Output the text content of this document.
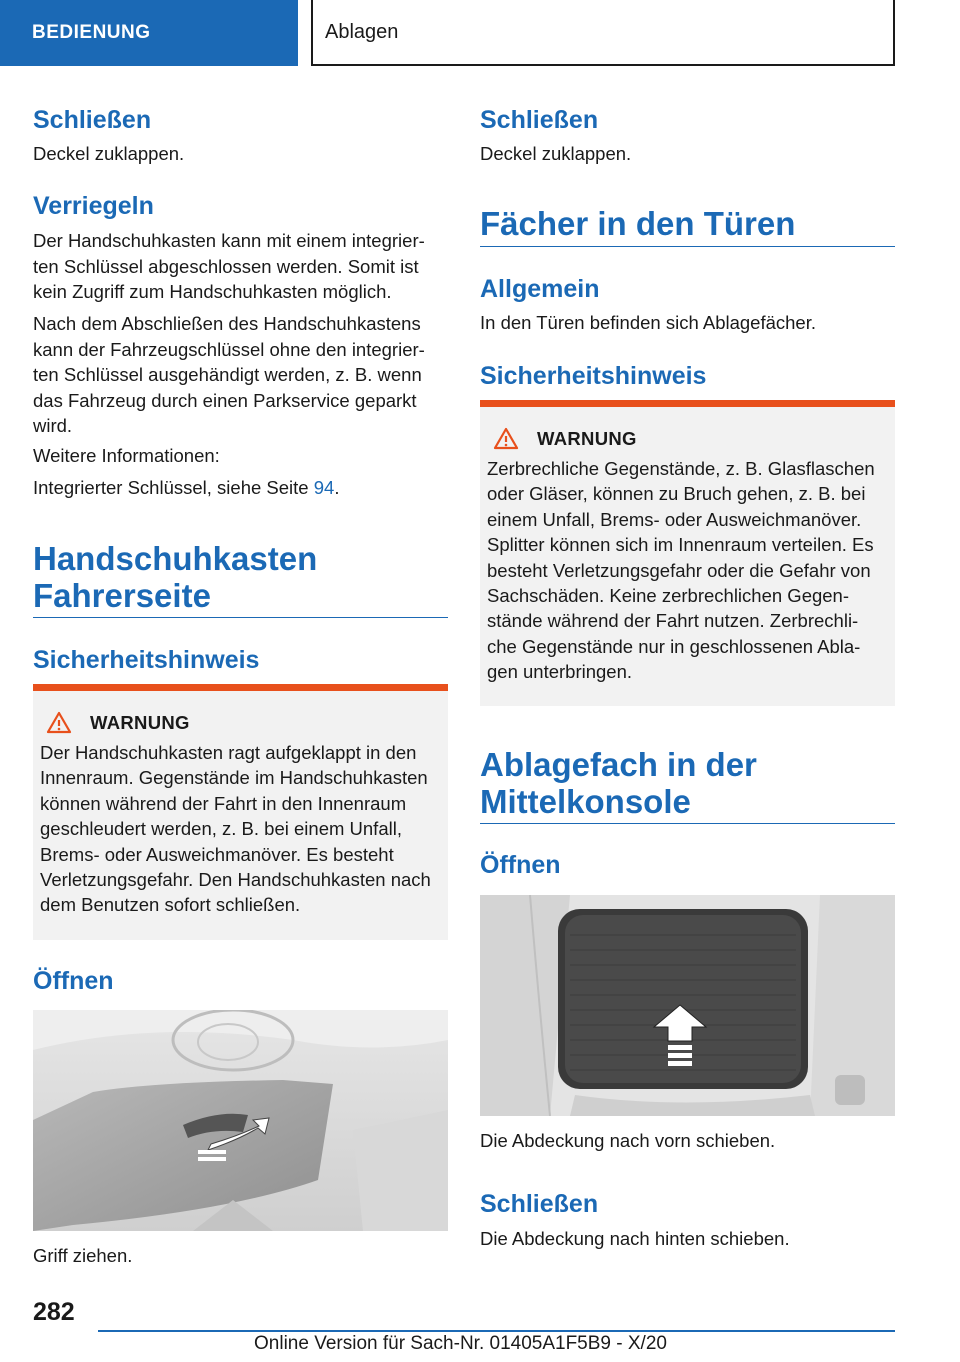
BEDIENUNG	Ablagen
Schließen

Deckel zuklappen.

Verriegeln

Der Handschuhkasten kann mit einem integrier-ten Schlüssel abgeschlossen werden. Somit ist kein Zugriff zum Handschuhkasten möglich.

Nach dem Abschließen des Handschuhkastens kann der Fahrzeugschlüssel ohne den integrier-ten Schlüssel ausgehändigt werden, z. B. wenn das Fahrzeug durch einen Parkservice geparkt wird.

Weitere Informationen:

Integrierter Schlüssel, siehe Seite 94.

Handschuhkasten
Fahrerseite
Sicherheitshinweis
WARNUNG

Der Handschuhkasten ragt aufgeklappt in den Innenraum. Gegenstände im Handschuhkasten können während der Fahrt in den Innenraum geschleudert werden, z. B. bei einem Unfall, Brems- oder Ausweichmanöver. Es besteht Verletzungsgefahr. Den Handschuhkasten nach dem Benutzen sofort schließen.

Öffnen

Griff ziehen.

Schließen

Deckel zuklappen.

Fächer in den Türen
Allgemein

In den Türen befinden sich Ablagefächer.

Sicherheitshinweis
WARNUNG

Zerbrechliche Gegenstände, z. B. Glasflaschen oder Gläser, können zu Bruch gehen, z. B. bei einem Unfall, Brems- oder Ausweichmanöver. Splitter können sich im Innenraum verteilen. Es besteht Verletzungsgefahr oder die Gefahr von Sachschäden. Keine zerbrechlichen Gegen-stände während der Fahrt nutzen. Zerbrechli-che Gegenstände nur in geschlossenen Abla-gen unterbringen.

Ablagefach in der
Mittelkonsole
Öffnen

Die Abdeckung nach vorn schieben.

Schließen

Die Abdeckung nach hinten schieben.

282
Online Version für Sach-Nr. 01405A1F5B9 - X/20
